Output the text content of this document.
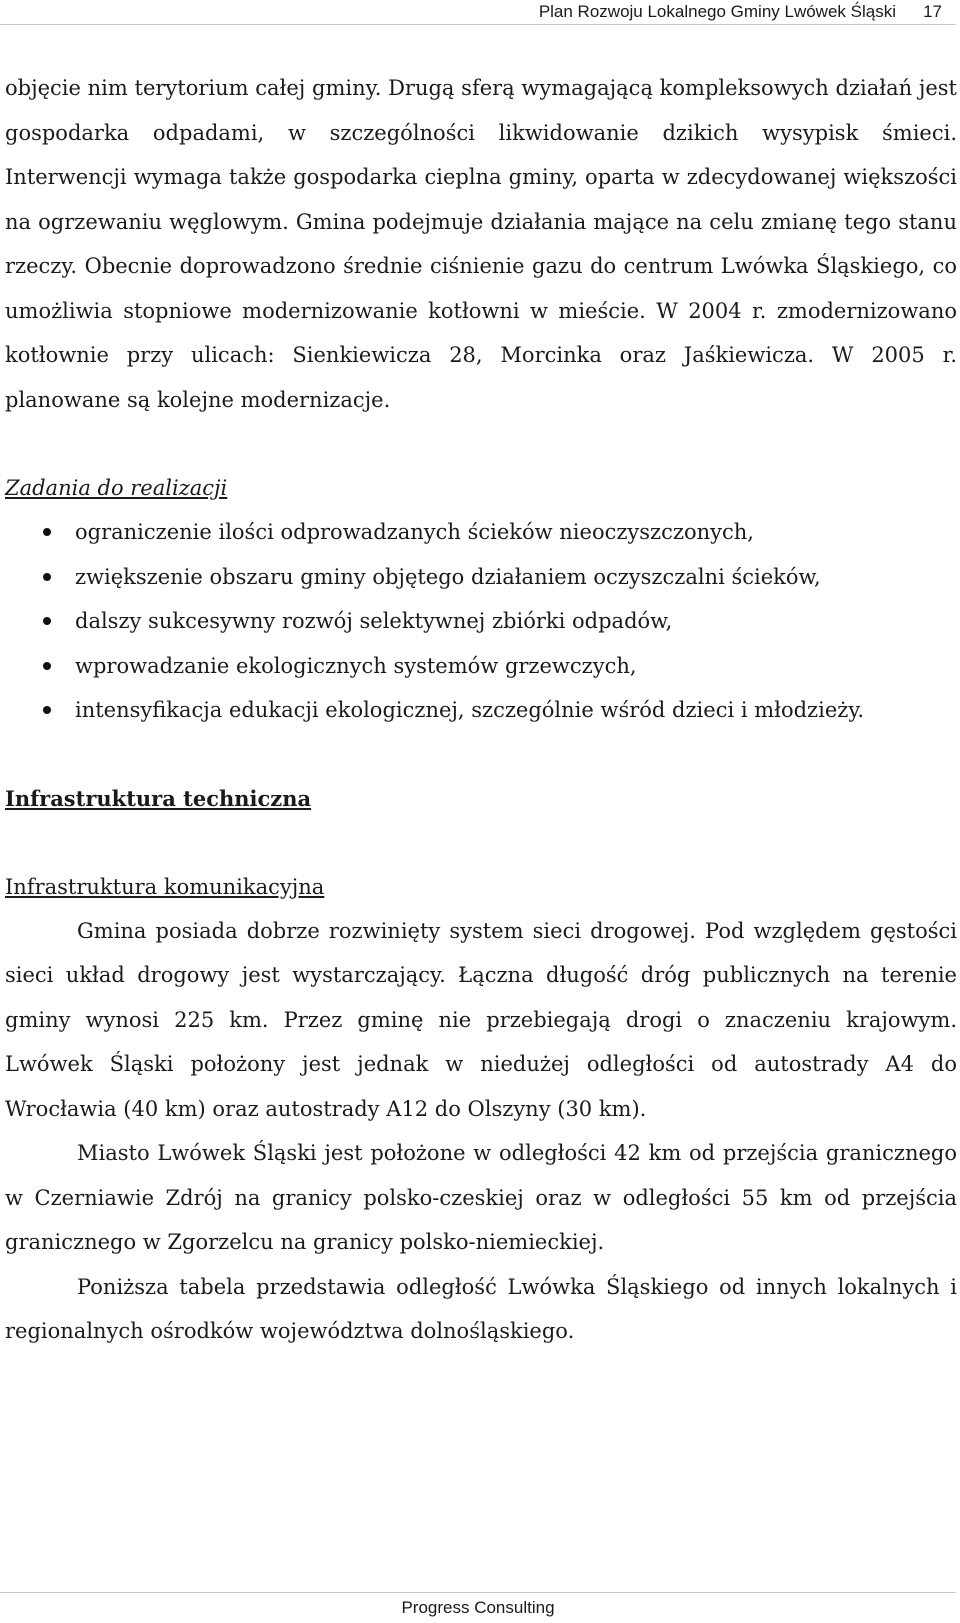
Plan Rozwoju Lokalnego Gminy Lwówek Śląski 17

objęcie nim terytorium całej gminy. Drugą sferą wymagającą kompleksowych działań jest gospodarka odpadami, w szczególności likwidowanie dzikich wysypisk śmieci. Interwencji wymaga także gospodarka cieplna gminy, oparta w zdecydowanej większości na ogrzewaniu węglowym. Gmina podejmuje działania mające na celu zmianę tego stanu rzeczy. Obecnie doprowadzono średnie ciśnienie gazu do centrum Lwówka Śląskiego, co umożliwia stopniowe modernizowanie kotłowni w mieście. W 2004 r. zmodernizowano kotłownie przy ulicach: Sienkiewicza 28, Morcinka oraz Jaśkiewicza. W 2005 r. planowane są kolejne modernizacje.

Zadania do realizacji

ograniczenie ilości odprowadzanych ścieków nieoczyszczonych,
zwiększenie obszaru gminy objętego działaniem oczyszczalni ścieków,
dalszy sukcesywny rozwój selektywnej zbiórki odpadów,
wprowadzanie ekologicznych systemów grzewczych,
intensyfikacja edukacji ekologicznej, szczególnie wśród dzieci i młodzieży.

Infrastruktura techniczna

Infrastruktura komunikacyjna

Gmina posiada dobrze rozwinięty system sieci drogowej. Pod względem gęstości sieci układ drogowy jest wystarczający. Łączna długość dróg publicznych na terenie gminy wynosi 225 km. Przez gminę nie przebiegają drogi o znaczeniu krajowym. Lwówek Śląski położony jest jednak w niedużej odległości od autostrady A4 do Wrocławia (40 km) oraz autostrady A12 do Olszyny (30 km).

Miasto Lwówek Śląski jest położone w odległości 42 km od przejścia granicznego w Czerniawie Zdrój na granicy polsko-czeskiej oraz w odległości 55 km od przejścia granicznego w Zgorzelcu na granicy polsko-niemieckiej.

Poniższa tabela przedstawia odległość Lwówka Śląskiego od innych lokalnych i regionalnych ośrodków województwa dolnośląskiego.

Progress Consulting
